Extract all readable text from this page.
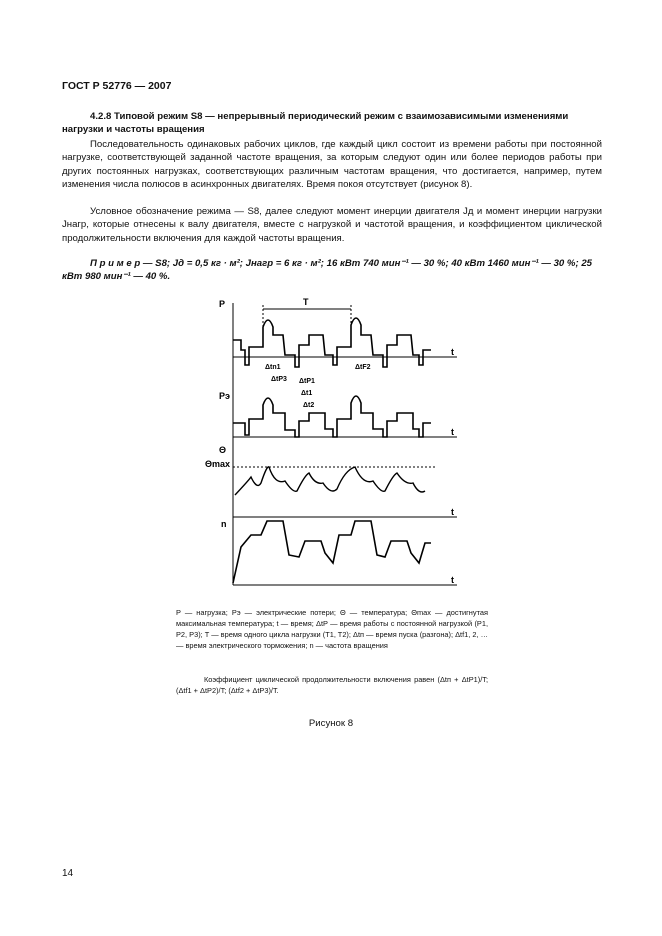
ГОСТ Р 52776 — 2007
4.2.8 Типовой режим S8 — непрерывный периодический режим с взаимозависимыми изменениями нагрузки и частоты вращения
Последовательность одинаковых рабочих циклов, где каждый цикл состоит из времени работы при постоянной нагрузке, соответствующей заданной частоте вращения, за которым следуют один или более периодов работы при других постоянных нагрузках, соответствующих различным частотам вращения, что достигается, например, путем изменения числа полюсов в асинхронных двигателях. Время покоя отсутствует (рисунок 8).
Условное обозначение режима — S8, далее следуют момент инерции двигателя Jд и момент инерции нагрузки Jнагр, которые отнесены к валу двигателя, вместе с нагрузкой и частотой вращения, и коэффициентом циклической продолжительности включения для каждой частоты вращения.
П р и м е р — S8; Jд = 0,5 кг · м²; Jнагр = 6 кг · м²; 16 кВт 740 мин⁻¹ — 30 %; 40 кВт 1460 мин⁻¹ — 30 %; 25 кВт 980 мин⁻¹ — 40 %.
P
Pэ
Θ
Θmax
n
t
t
t
t
T
Δtn1
ΔtP3 ΔtP1
ΔtF2
Δt1
Δt2
P — нагрузка; Pэ — электрические потери; Θ — температура; Θmax — достигнутая максимальная температура; t — время; ΔtP — время работы с постоянной нагрузкой (P1, P2, P3); T — время одного цикла нагрузки (T1, T2); Δtп — время пуска (разгона); Δtf1, 2, … — время электрического торможения; n — частота вращения
Коэффициент циклической продолжительности включения равен (Δtп + ΔtP1)/T; (Δtf1 + ΔtP2)/T; (Δtf2 + ΔtP3)/T.
Рисунок 8
14
